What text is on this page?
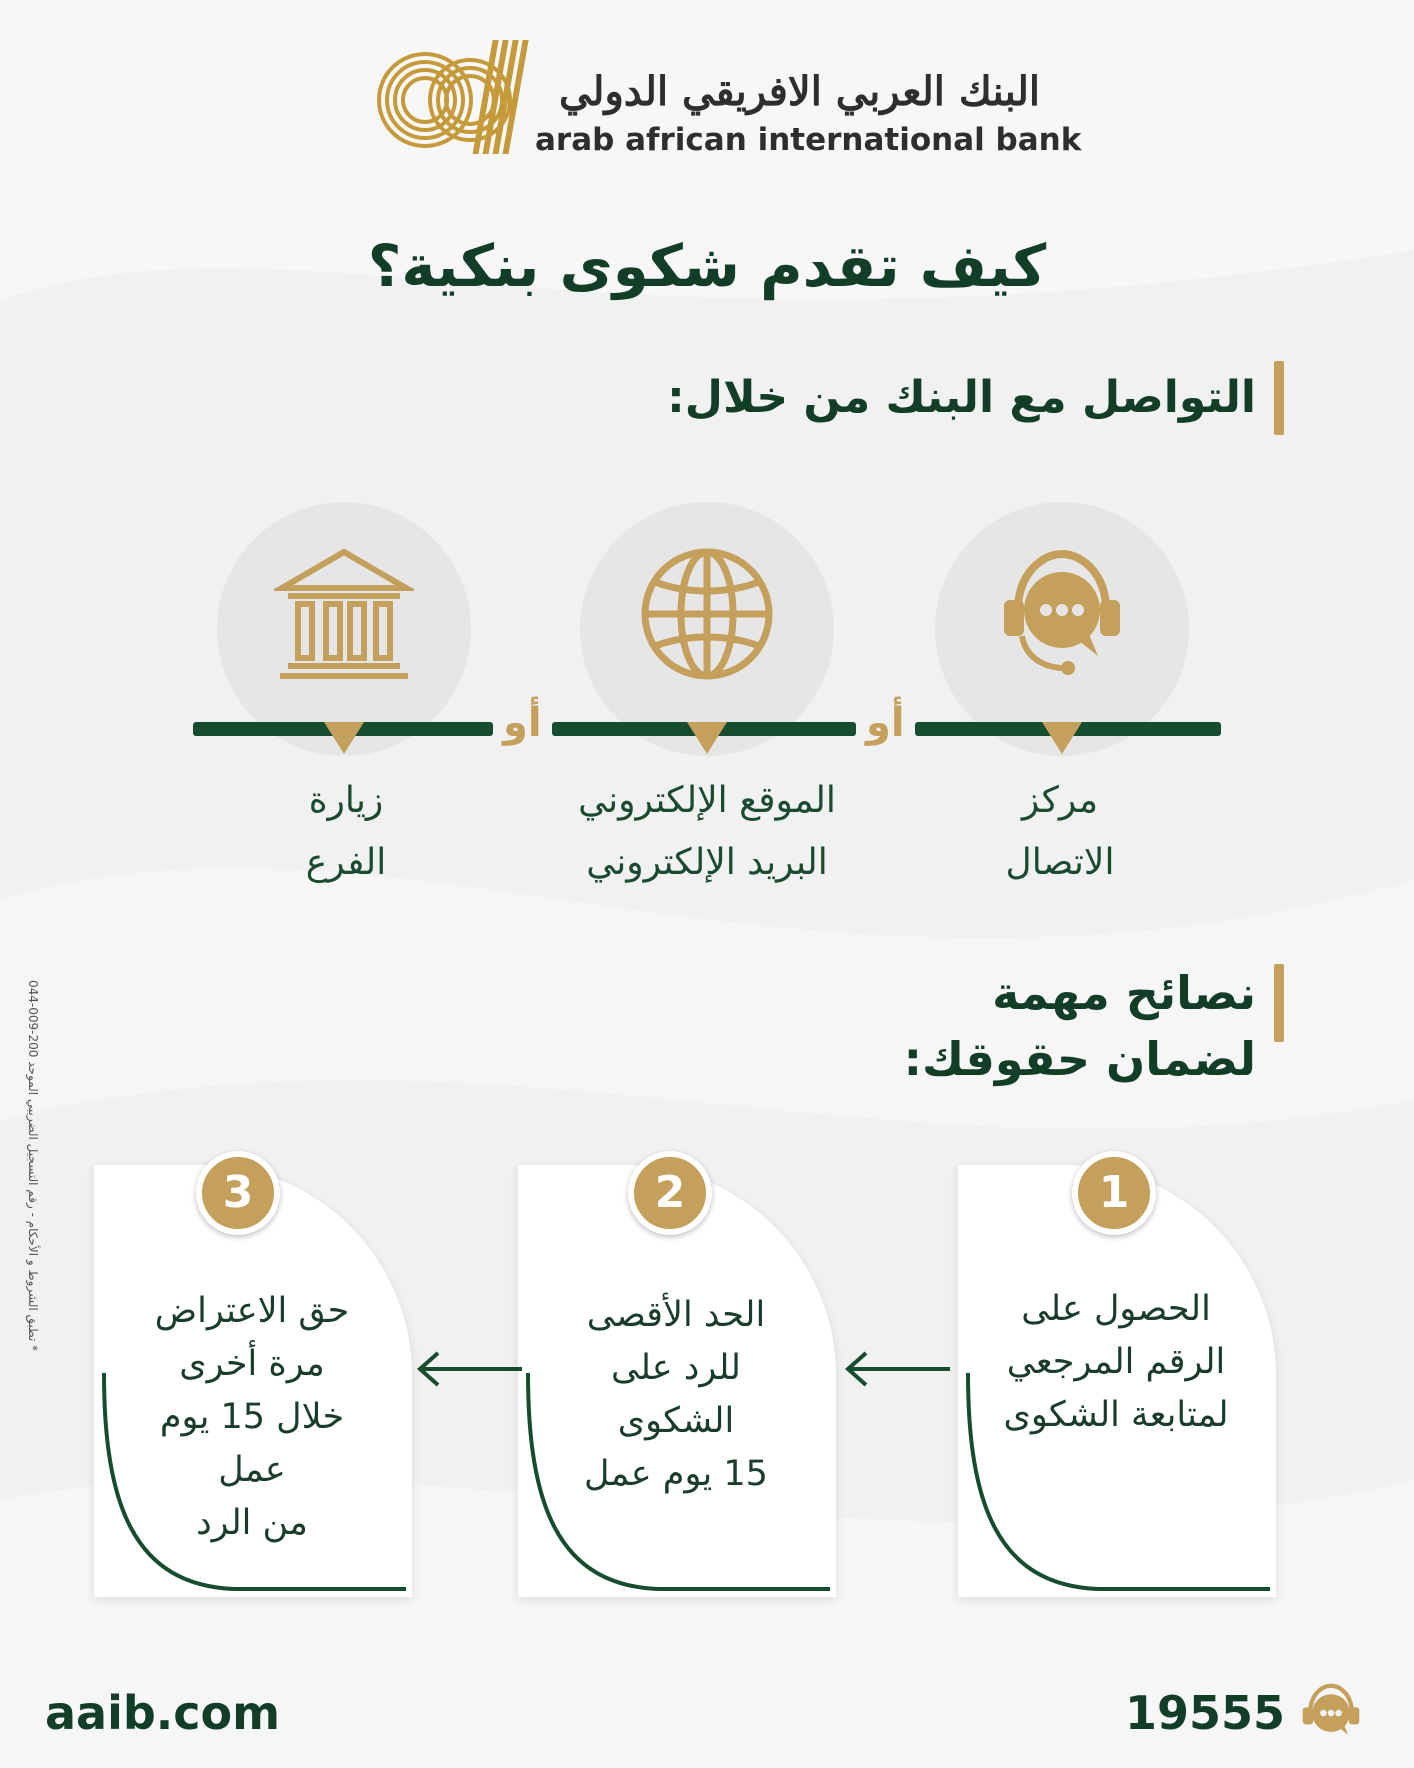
البنك العربي الافريقي الدولي
arab african international bank
كيف تقدم شكوى بنكية؟
التواصل مع البنك من خلال:
أو
أو
مركز
الاتصال
الموقع الإلكتروني
البريد الإلكتروني
زيارة
الفرع
* تطبق الشروط و الأحكام - رقم التسجيل الضريبي الموحد 200-009-044
نصائح مهمة
لضمان حقوقك:
1
الحصول على
الرقم المرجعي
لمتابعة الشكوى
2
الحد الأقصى
للرد على
الشكوى
15 يوم عمل
3
حق الاعتراض
مرة أخرى
خلال 15 يوم
عمل
من الرد
aaib.com	19555
